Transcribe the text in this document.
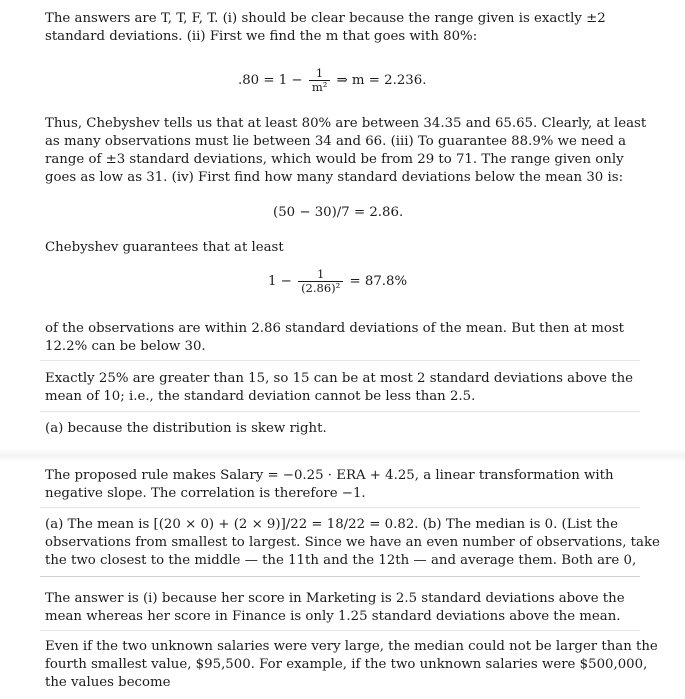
The answers are T, T, F, T. (i) should be clear because the range given is exactly ±2
standard deviations. (ii) First we find the m that goes with 80%:
$.80 = 1 - \frac{1}{\text{m²}}$ ⇒ m = 2.236.
Thus, Chebyshev tells us that at least 80% are between 34.35 and 65.65. Clearly, at least
as many observations must lie between 34 and 66. (iii) To guarantee 88.9% we need a
range of ±3 standard deviations, which would be from 29 to 71. The range given only
goes as low as 31. (iv) First find how many standard deviations below the mean 30 is:
(50 − 30)/7 = 2.86.
Chebyshev guarantees that at least
$1 - \frac{1}{\text{(2.86)²}} = 87.8\%$
of the observations are within 2.86 standard deviations of the mean. But then at most
12.2% can be below 30.
Exactly 25% are greater than 15, so 15 can be at most 2 standard deviations above the
mean of 10; i.e., the standard deviation cannot be less than 2.5.
(a) because the distribution is skew right.
The proposed rule makes Salary = −0.25 · ERA + 4.25, a linear transformation with
negative slope. The correlation is therefore −1.
(a) The mean is [(20 × 0) + (2 × 9)]/22 = 18/22 = 0.82. (b) The median is 0. (List the
observations from smallest to largest. Since we have an even number of observations, take
the two closest to the middle — the 11th and the 12th — and average them. Both are 0,
The answer is (i) because her score in Marketing is 2.5 standard deviations above the
mean whereas her score in Finance is only 1.25 standard deviations above the mean.
Even if the two unknown salaries were very large, the median could not be larger than the
fourth smallest value, $95,500. For example, if the two unknown salaries were $500,000,
the values become
